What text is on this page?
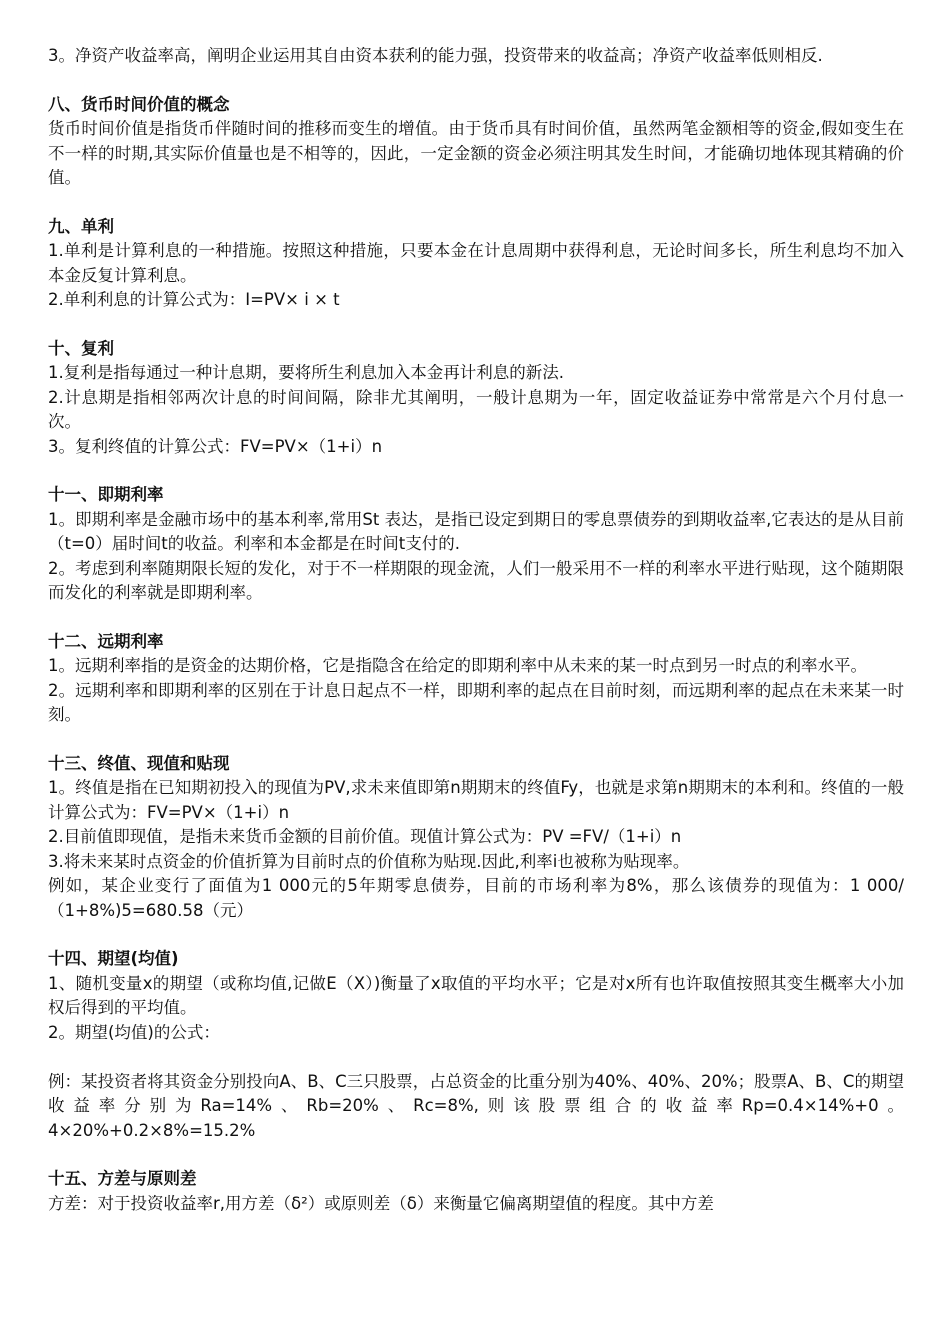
3。净资产收益率高，阐明企业运用其自由资本获利的能力强，投资带来的收益高；净资产收益率低则相反.

八、货币时间价值的概念

货币时间价值是指货币伴随时间的推移而变生的增值。由于货币具有时间价值，虽然两笔金额相等的资金,假如变生在不一样的时期,其实际价值量也是不相等的，因此，一定金额的资金必须注明其发生时间，才能确切地体现其精确的价值。

九、单利

1.单利是计算利息的一种措施。按照这种措施，只要本金在计息周期中获得利息，无论时间多长，所生利息均不加入本金反复计算利息。

2.单利利息的计算公式为：I=PV× i × t

十、复利

1.复利是指每通过一种计息期，要将所生利息加入本金再计利息的新法.

2.计息期是指相邻两次计息的时间间隔，除非尤其阐明，一般计息期为一年，固定收益证券中常常是六个月付息一次。

3。复利终值的计算公式：FV=PV×（1+i）n

十一、即期利率

1。即期利率是金融市场中的基本利率,常用St 表达，是指已设定到期日的零息票债券的到期收益率,它表达的是从目前（t=0）届时间t的收益。利率和本金都是在时间t支付的.

2。考虑到利率随期限长短的发化，对于不一样期限的现金流，人们一般采用不一样的利率水平进行贴现，这个随期限而发化的利率就是即期利率。

十二、远期利率

1。远期利率指的是资金的达期价格，它是指隐含在给定的即期利率中从未来的某一时点到另一时点的利率水平。

2。远期利率和即期利率的区别在于计息日起点不一样，即期利率的起点在目前时刻，而远期利率的起点在未来某一时刻。

十三、终值、现值和贴现

1。终值是指在已知期初投入的现值为PV,求未来值即第n期期末的终值Fy，也就是求第n期期末的本利和。终值的一般计算公式为：FV=PV×（1+i）n

2.目前值即现值，是指未来货币金额的目前价值。现值计算公式为：PV =FV/（1+i）n

3.将未来某时点资金的价值折算为目前时点的价值称为贴现.因此,利率i也被称为贴现率。

例如，某企业变行了面值为1 000元的5年期零息债券，目前的市场利率为8%，那么该债券的现值为：1 000/（1+8%)5=680.58（元）

十四、期望(均值)

1、随机变量x的期望（或称均值,记做E（X）)衡量了x取值的平均水平；它是对x所有也许取值按照其变生概率大小加权后得到的平均值。

2。期望(均值)的公式：

例：某投资者将其资金分别投向A、B、C三只股票，占总资金的比重分别为40%、40%、20%；股票A、B、C的期望收益率分别为Ra=14%、Rb=20%、Rc=8%,则该股票组合的收益率Rp=0.4×14%+0。4×20%+0.2×8%=15.2%

十五、方差与原则差

方差：对于投资收益率r,用方差（δ²）或原则差（δ）来衡量它偏离期望值的程度。其中方差
